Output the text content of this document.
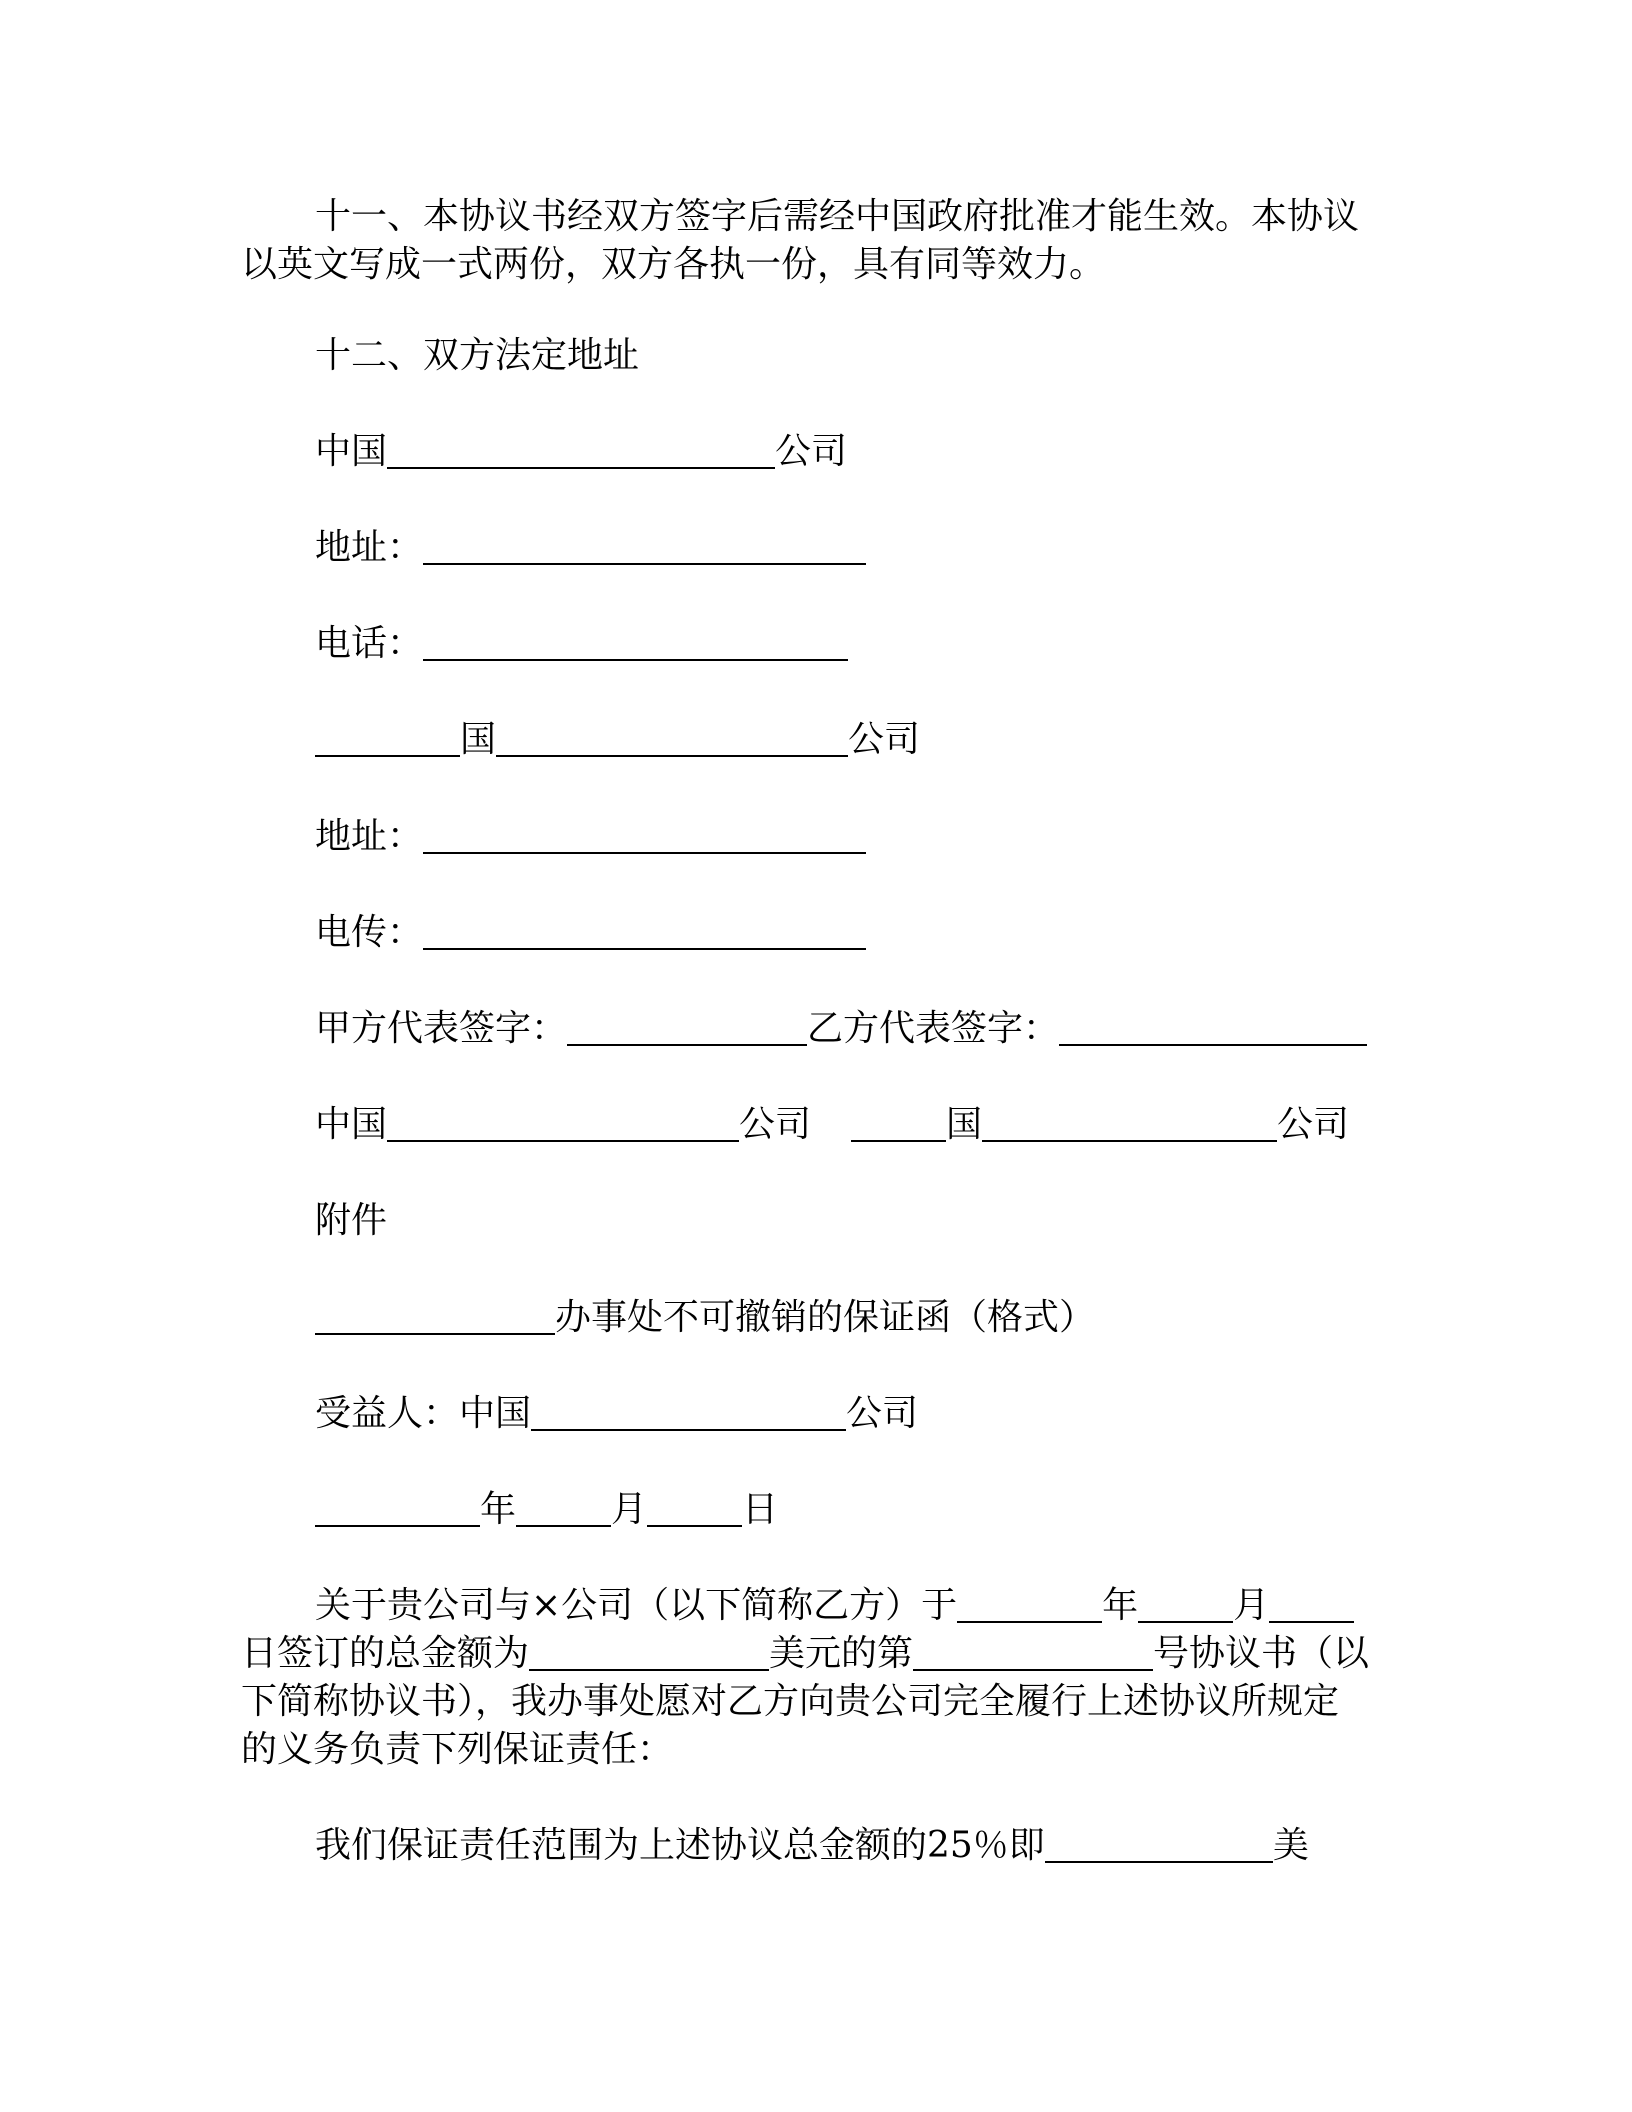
十一、本协议书经双方签字后需经中国政府批准才能生效。本协议
以英文写成一式两份，双方各执一份，具有同等效力。
十二、双方法定地址
中国	公司
地址：
电话：
国	公司
地址：
电传：
甲方代表签字：	乙方代表签字：
中国	公司	国	公司
附件
办事处不可撤销的保证函（格式）
受益人：中国	公司
年	月	日
关于贵公司与×公司（以下简称乙方）于	年	月
日签订的总金额为	美元的第	号协议书（以
下简称协议书），我办事处愿对乙方向贵公司完全履行上述协议所规定
的义务负责下列保证责任：
我们保证责任范围为上述协议总金额的25％即	美
